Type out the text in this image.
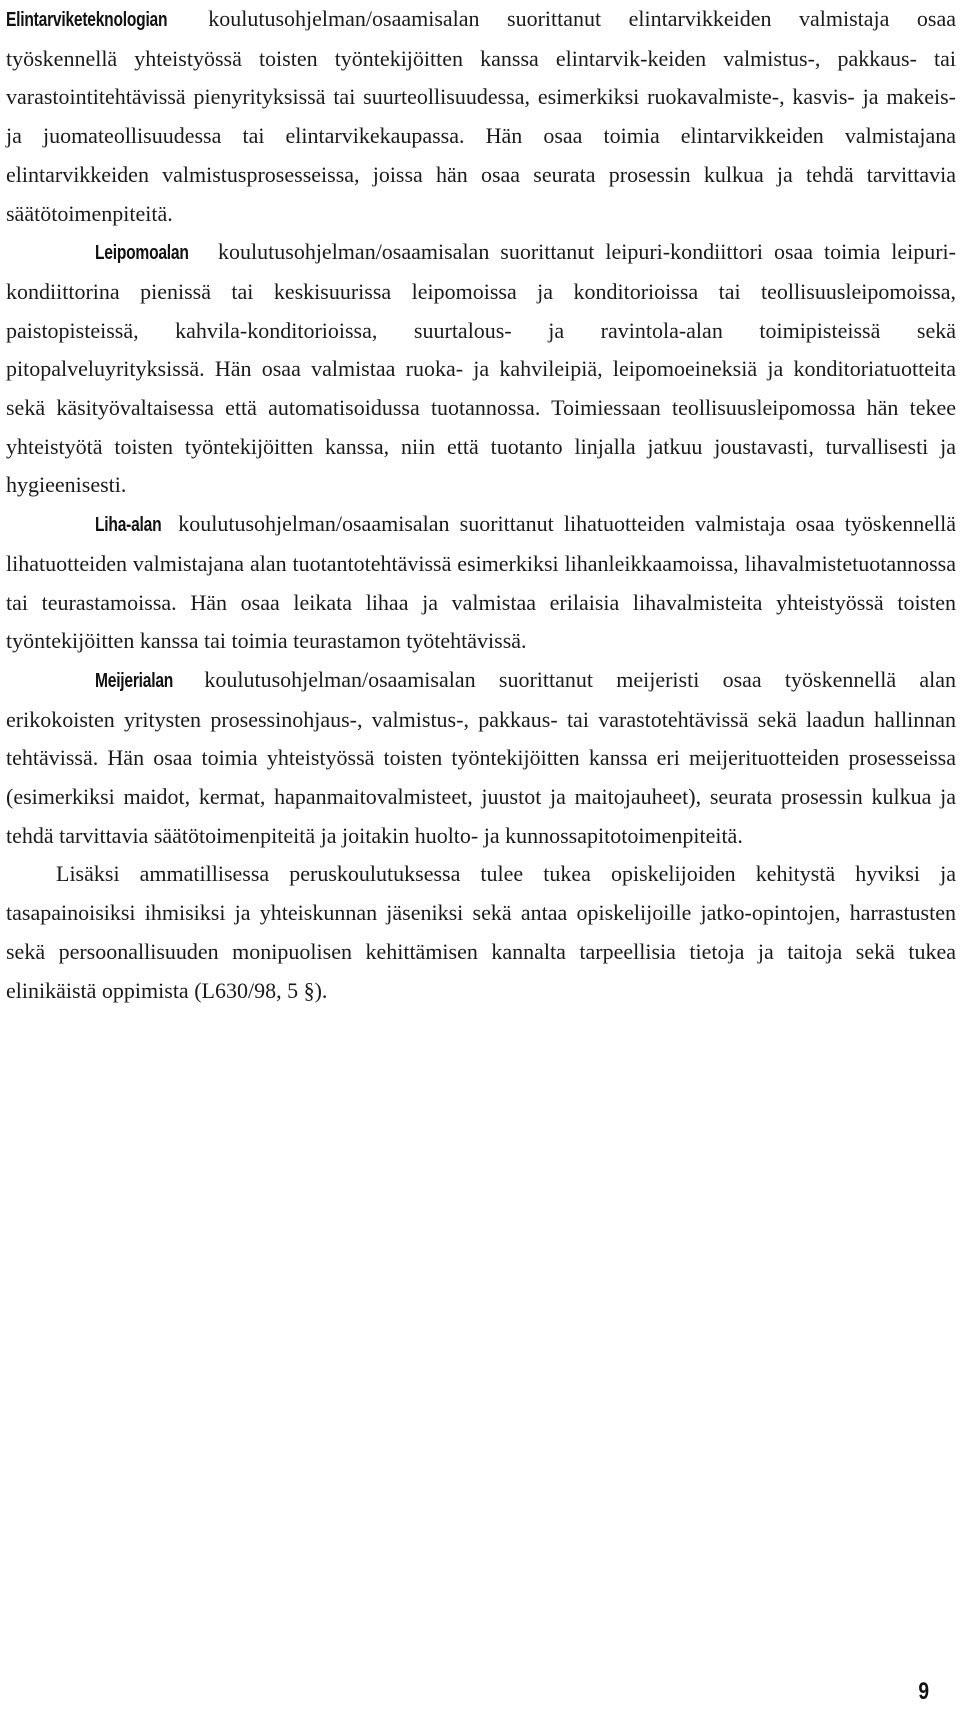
Elintarviketeknologian koulutusohjelman/osaamisalan suorittanut elintarvikkeiden valmistaja osaa työskennellä yhteistyössä toisten työntekijöitten kanssa elintarvik-keiden valmistus-, pakkaus- tai varastointitehtävissä pienyrityksissä tai suurteollisuudessa, esimerkiksi ruokavalmiste-, kasvis- ja makeis- ja juomateollisuudessa tai elintarvikekaupassa. Hän osaa toimia elintarvikkeiden valmistajana elintarvikkeiden valmistusprosesseissa, joissa hän osaa seurata prosessin kulkua ja tehdä tarvittavia säätötoimenpiteitä.

Leipomoalan koulutusohjelman/osaamisalan suorittanut leipuri-kondiittori osaa toimia leipuri-kondiittorina pienissä tai keskisuurissa leipomoissa ja konditorioissa tai teollisuusleipomoissa, paistopisteissä, kahvila-konditorioissa, suurtalous- ja ravintola-alan toimipisteissä sekä pitopalveluyrityksissä. Hän osaa valmistaa ruoka- ja kahvileipiä, leipomoeineksiä ja konditoriatuotteita sekä käsityövaltaisessa että automatisoidussa tuotannossa. Toimiessaan teollisuusleipomossa hän tekee yhteistyötä toisten työntekijöitten kanssa, niin että tuotanto linjalla jatkuu joustavasti, turvallisesti ja hygieenisesti.

Liha-alan koulutusohjelman/osaamisalan suorittanut lihatuotteiden valmistaja osaa työskennellä lihatuotteiden valmistajana alan tuotantotehtävissä esimerkiksi lihanleikkaamoissa, lihavalmistetuotannossa tai teurastamoissa. Hän osaa leikata lihaa ja valmistaa erilaisia lihavalmisteita yhteistyössä toisten työntekijöitten kanssa tai toimia teurastamon työtehtävissä.

Meijerialan koulutusohjelman/osaamisalan suorittanut meijeristi osaa työskennellä alan erikokoisten yritysten prosessinohjaus-, valmistus-, pakkaus- tai varastotehtävissä sekä laadun hallinnan tehtävissä. Hän osaa toimia yhteistyössä toisten työntekijöitten kanssa eri meijerituotteiden prosesseissa (esimerkiksi maidot, kermat, hapanmaitovalmisteet, juustot ja maitojauheet), seurata prosessin kulkua ja tehdä tarvittavia säätötoimenpiteitä ja joitakin huolto- ja kunnossapitotoimenpiteitä.

Lisäksi ammatillisessa peruskoulutuksessa tulee tukea opiskelijoiden kehitystä hyviksi ja tasapainoisiksi ihmisiksi ja yhteiskunnan jäseniksi sekä antaa opiskelijoille jatko-opintojen, harrastusten sekä persoonallisuuden monipuolisen kehittämisen kannalta tarpeellisia tietoja ja taitoja sekä tukea elinikäistä oppimista (L630/98, 5 §).

9
